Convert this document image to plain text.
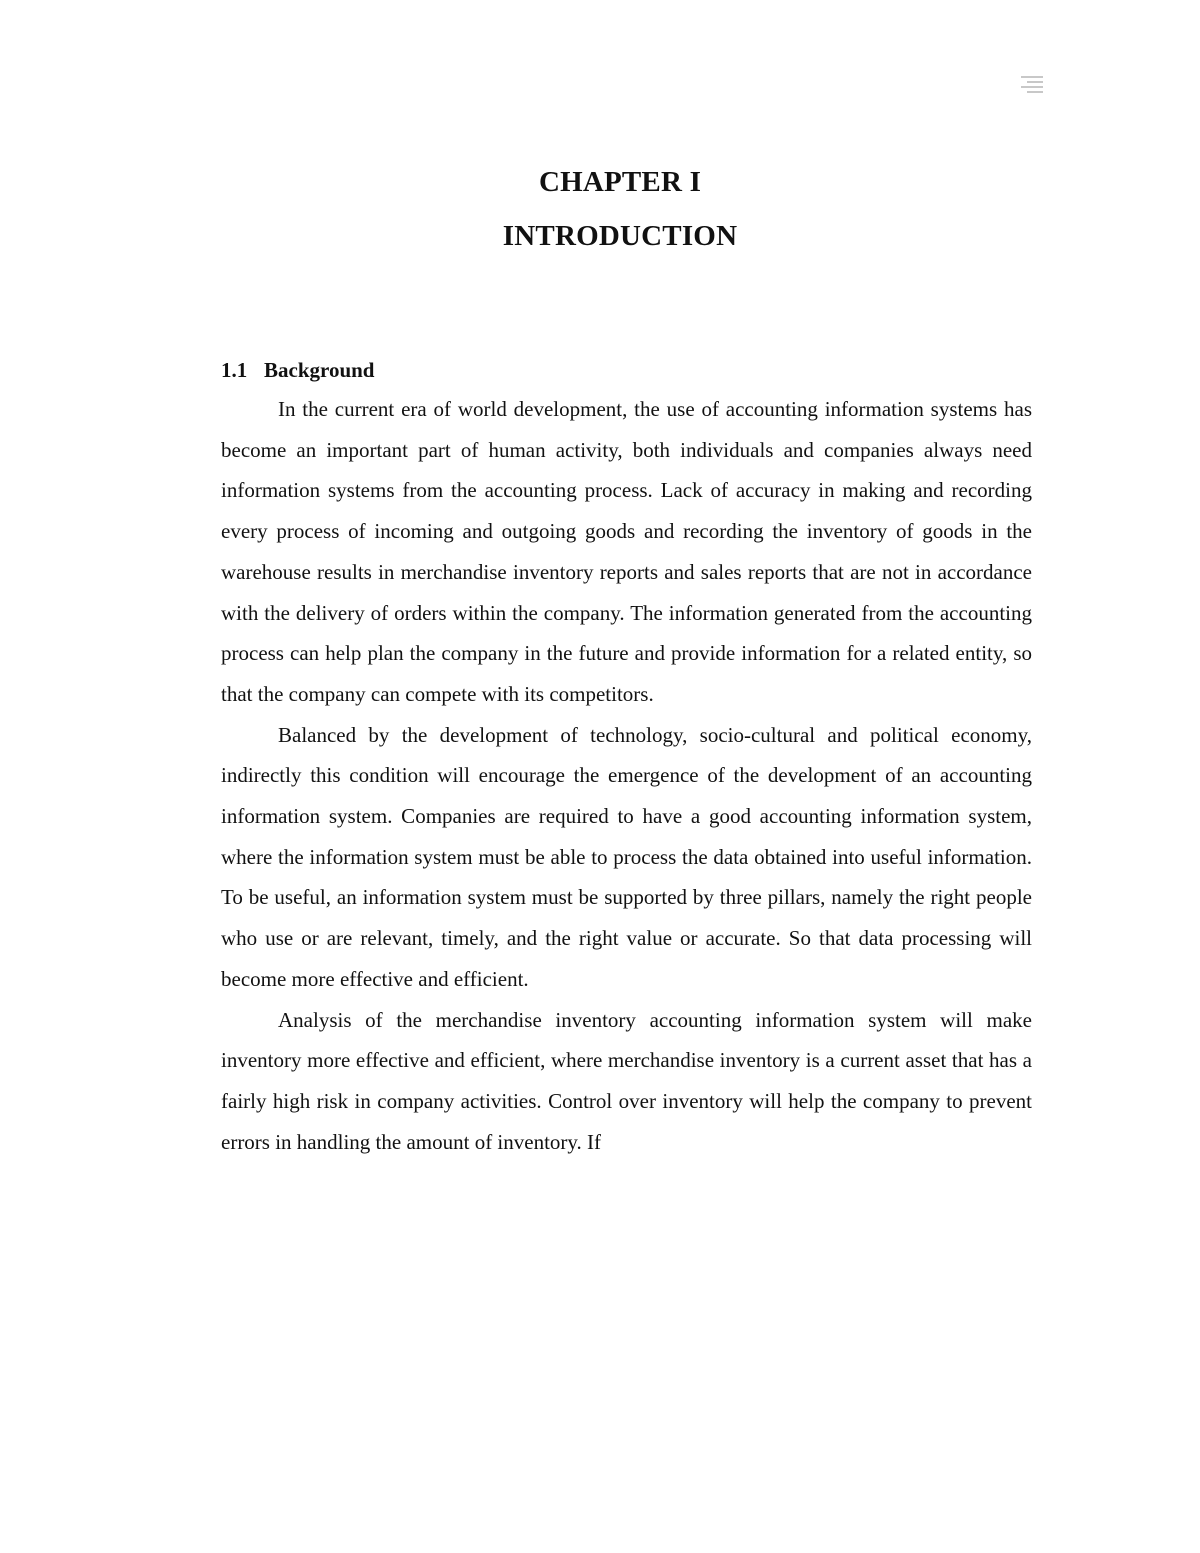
CHAPTER I
INTRODUCTION
1.1 Background

In the current era of world development, the use of accounting information systems has become an important part of human activity, both individuals and companies always need information systems from the accounting process. Lack of accuracy in making and recording every process of incoming and outgoing goods and recording the inventory of goods in the warehouse results in merchandise inventory reports and sales reports that are not in accordance with the delivery of orders within the company. The information generated from the accounting process can help plan the company in the future and provide information for a related entity, so that the company can compete with its competitors.

Balanced by the development of technology, socio-cultural and political economy, indirectly this condition will encourage the emergence of the development of an accounting information system. Companies are required to have a good accounting information system, where the information system must be able to process the data obtained into useful information. To be useful, an information system must be supported by three pillars, namely the right people who use or are relevant, timely, and the right value or accurate. So that data processing will become more effective and efficient.

Analysis of the merchandise inventory accounting information system will make inventory more effective and efficient, where merchandise inventory is a current asset that has a fairly high risk in company activities. Control over inventory will help the company to prevent errors in handling the amount of inventory. If
